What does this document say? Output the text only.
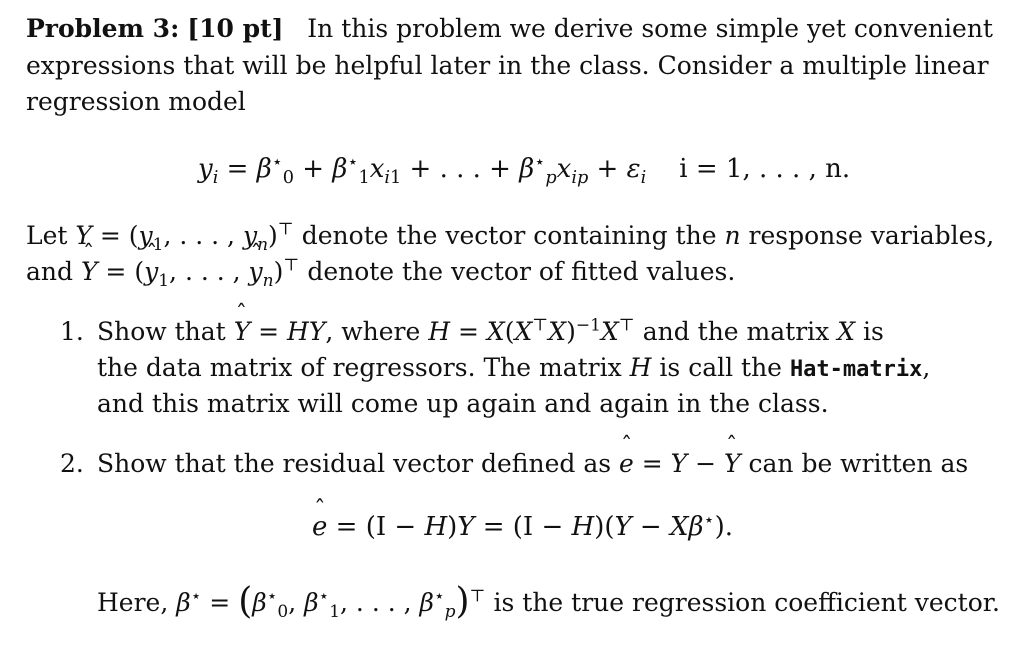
Problem 3: [10 pt] In this problem we derive some simple yet convenient
expressions that will be helpful later in the class. Consider a multiple linear
regression model
$y_i = \beta^⋆_0 + \beta^⋆_1x_{i1}$ + . . . + $\beta^⋆_px_{ip} + \varepsilon_i$ i = 1, . . . , n.
Let $Y = (y_1$, . . . , $y_n)^⊤$ denote the vector containing the n response variables,
and ˆ Y = (ˆ $y_1$, . . . , ˆ $y_n)^⊤$ denote the vector of fitted values.
1. Show that ˆ Y = HY, where $H = X(X^⊤X)^{-1}X^⊤$ and the matrix X is
the data matrix of regressors. The matrix H is call the Hat-matrix,
and this matrix will come up again and again in the class.
2. Show that the residual vector defined as ˆ e = Y − ˆ Y can be written as
ˆ e = (I − H)Y = (I − H)(Y − Xβ⋆).
Here, $\beta^⋆ = (\beta^⋆_0$, $\beta^⋆_1$, . . . , $\beta^⋆_p)^⊤$ is the true regression coefficient vector.
